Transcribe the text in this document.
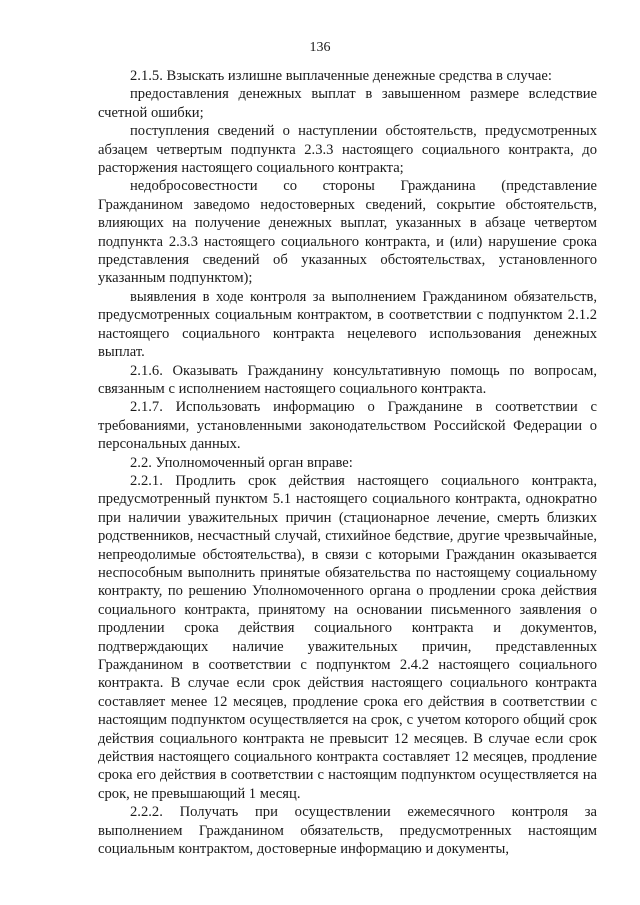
136

2.1.5. Взыскать излишне выплаченные денежные средства в случае:

предоставления денежных выплат в завышенном размере вследствие счетной ошибки;

поступления сведений о наступлении обстоятельств, предусмотренных абзацем четвертым подпункта 2.3.3 настоящего социального контракта, до расторжения настоящего социального контракта;

недобросовестности со стороны Гражданина (представление Гражданином заведомо недостоверных сведений, сокрытие обстоятельств, влияющих на получение денежных выплат, указанных в абзаце четвертом подпункта 2.3.3 настоящего социального контракта, и (или) нарушение срока представления сведений об указанных обстоятельствах, установленного указанным подпунктом);

выявления в ходе контроля за выполнением Гражданином обязательств, предусмотренных социальным контрактом, в соответствии с подпунктом 2.1.2 настоящего социального контракта нецелевого использования денежных выплат.

2.1.6. Оказывать Гражданину консультативную помощь по вопросам, связанным с исполнением настоящего социального контракта.

2.1.7. Использовать информацию о Гражданине в соответствии с требованиями, установленными законодательством Российской Федерации о персональных данных.

2.2. Уполномоченный орган вправе:

2.2.1. Продлить срок действия настоящего социального контракта, предусмотренный пунктом 5.1 настоящего социального контракта, однократно при наличии уважительных причин (стационарное лечение, смерть близких родственников, несчастный случай, стихийное бедствие, другие чрезвычайные, непреодолимые обстоятельства), в связи с которыми Гражданин оказывается неспособным выполнить принятые обязательства по настоящему социальному контракту, по решению Уполномоченного органа о продлении срока действия социального контракта, принятому на основании письменного заявления о продлении срока действия социального контракта и документов, подтверждающих наличие уважительных причин, представленных Гражданином в соответствии с подпунктом 2.4.2 настоящего социального контракта. В случае если срок действия настоящего социального контракта составляет менее 12 месяцев, продление срока его действия в соответствии с настоящим подпунктом осуществляется на срок, с учетом которого общий срок действия социального контракта не превысит 12 месяцев. В случае если срок действия настоящего социального контракта составляет 12 месяцев, продление срока его действия в соответствии с настоящим подпунктом осуществляется на срок, не превышающий 1 месяц.

2.2.2. Получать при осуществлении ежемесячного контроля за выполнением Гражданином обязательств, предусмотренных настоящим социальным контрактом, достоверные информацию и документы,
